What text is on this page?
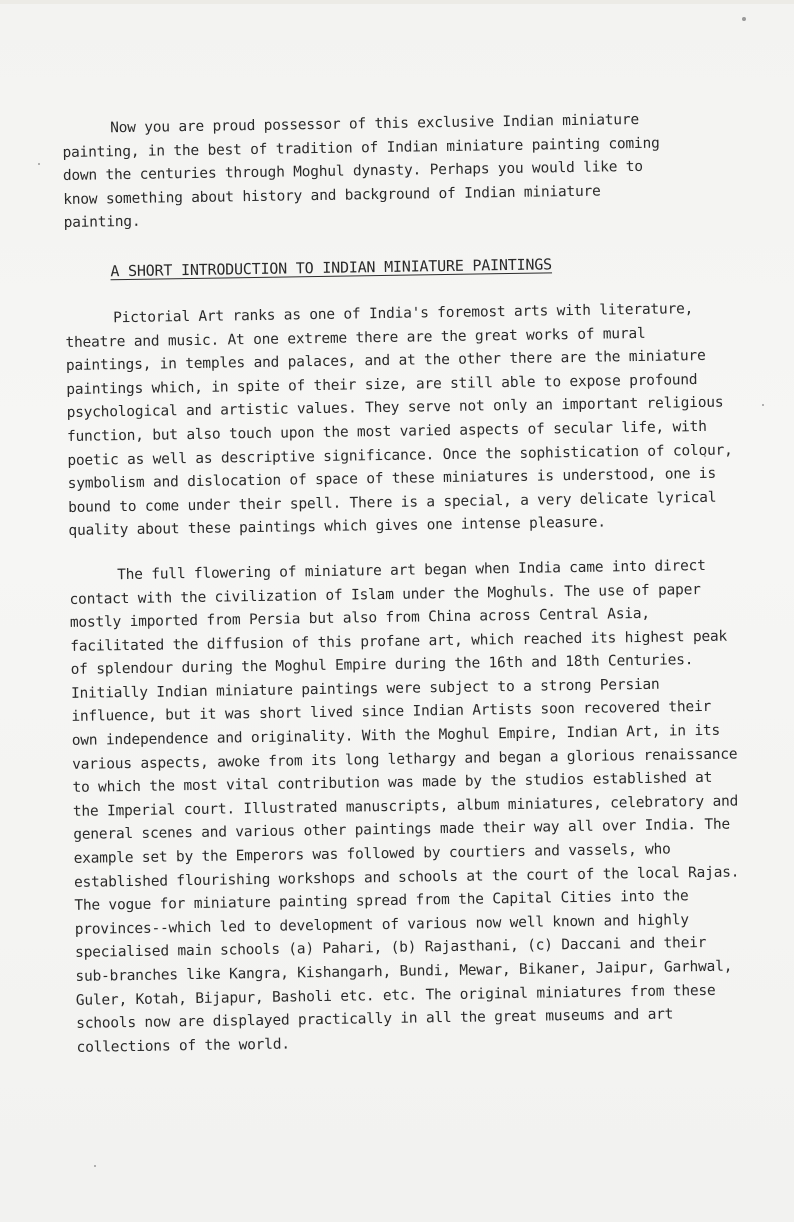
Now you are proud possessor of this exclusive Indian miniature painting, in the best of tradition of Indian miniature painting coming down the centuries through Moghul dynasty. Perhaps you would like to know something about history and background of Indian miniature painting.

A SHORT INTRODUCTION TO INDIAN MINIATURE PAINTINGS

Pictorial Art ranks as one of India's foremost arts with literature, theatre and music. At one extreme there are the great works of mural paintings, in temples and palaces, and at the other there are the miniature paintings which, in spite of their size, are still able to expose profound psychological and artistic values. They serve not only an important religious function, but also touch upon the most varied aspects of secular life, with poetic as well as descriptive significance. Once the sophistication of colour, symbolism and dislocation of space of these miniatures is understood, one is bound to come under their spell. There is a special, a very delicate lyrical quality about these paintings which gives one intense pleasure.

The full flowering of miniature art began when India came into direct contact with the civilization of Islam under the Moghuls. The use of paper mostly imported from Persia but also from China across Central Asia, facilitated the diffusion of this profane art, which reached its highest peak of splendour during the Moghul Empire during the 16th and 18th Centuries. Initially Indian miniature paintings were subject to a strong Persian influence, but it was short lived since Indian Artists soon recovered their own independence and originality. With the Moghul Empire, Indian Art, in its various aspects, awoke from its long lethargy and began a glorious renaissance to which the most vital contribution was made by the studios established at the Imperial court. Illustrated manuscripts, album miniatures, celebratory and general scenes and various other paintings made their way all over India. The example set by the Emperors was followed by courtiers and vassels, who established flourishing workshops and schools at the court of the local Rajas. The vogue for miniature painting spread from the Capital Cities into the provinces--which led to development of various now well known and highly specialised main schools (a) Pahari, (b) Rajasthani, (c) Daccani and their sub-branches like Kangra, Kishangarh, Bundi, Mewar, Bikaner, Jaipur, Garhwal, Guler, Kotah, Bijapur, Basholi etc. etc. The original miniatures from these schools now are displayed practically in all the great museums and art collections of the world.
